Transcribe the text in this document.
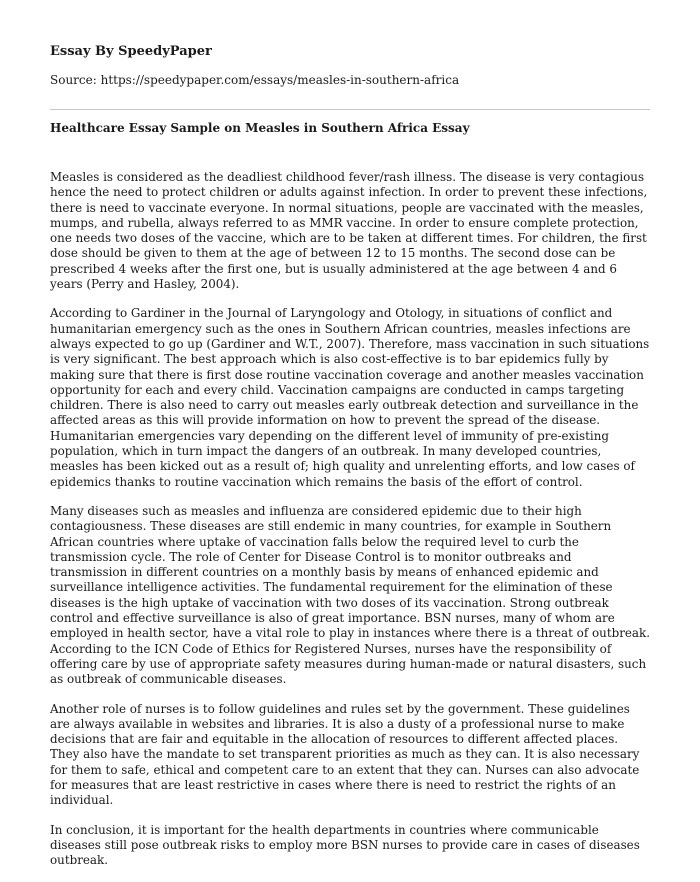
Essay By SpeedyPaper
Source: https://speedypaper.com/essays/measles-in-southern-africa
Healthcare Essay Sample on Measles in Southern Africa Essay

Measles is considered as the deadliest childhood fever/rash illness. The disease is very contagious hence the need to protect children or adults against infection. In order to prevent these infections, there is need to vaccinate everyone. In normal situations, people are vaccinated with the measles, mumps, and rubella, always referred to as MMR vaccine. In order to ensure complete protection, one needs two doses of the vaccine, which are to be taken at different times. For children, the first dose should be given to them at the age of between 12 to 15 months. The second dose can be prescribed 4 weeks after the first one, but is usually administered at the age between 4 and 6 years (Perry and Hasley, 2004).

According to Gardiner in the Journal of Laryngology and Otology, in situations of conflict and humanitarian emergency such as the ones in Southern African countries, measles infections are always expected to go up (Gardiner and W.T., 2007). Therefore, mass vaccination in such situations is very significant. The best approach which is also cost-effective is to bar epidemics fully by making sure that there is first dose routine vaccination coverage and another measles vaccination opportunity for each and every child. Vaccination campaigns are conducted in camps targeting children. There is also need to carry out measles early outbreak detection and surveillance in the affected areas as this will provide information on how to prevent the spread of the disease. Humanitarian emergencies vary depending on the different level of immunity of pre-existing population, which in turn impact the dangers of an outbreak. In many developed countries, measles has been kicked out as a result of; high quality and unrelenting efforts, and low cases of epidemics thanks to routine vaccination which remains the basis of the effort of control.

Many diseases such as measles and influenza are considered epidemic due to their high contagiousness. These diseases are still endemic in many countries, for example in Southern African countries where uptake of vaccination falls below the required level to curb the transmission cycle. The role of Center for Disease Control is to monitor outbreaks and transmission in different countries on a monthly basis by means of enhanced epidemic and surveillance intelligence activities. The fundamental requirement for the elimination of these diseases is the high uptake of vaccination with two doses of its vaccination. Strong outbreak control and effective surveillance is also of great importance. BSN nurses, many of whom are employed in health sector, have a vital role to play in instances where there is a threat of outbreak. According to the ICN Code of Ethics for Registered Nurses, nurses have the responsibility of offering care by use of appropriate safety measures during human-made or natural disasters, such as outbreak of communicable diseases.

Another role of nurses is to follow guidelines and rules set by the government. These guidelines are always available in websites and libraries. It is also a dusty of a professional nurse to make decisions that are fair and equitable in the allocation of resources to different affected places. They also have the mandate to set transparent priorities as much as they can. It is also necessary for them to safe, ethical and competent care to an extent that they can. Nurses can also advocate for measures that are least restrictive in cases where there is need to restrict the rights of an individual.

In conclusion, it is important for the health departments in countries where communicable diseases still pose outbreak risks to employ more BSN nurses to provide care in cases of diseases outbreak.
